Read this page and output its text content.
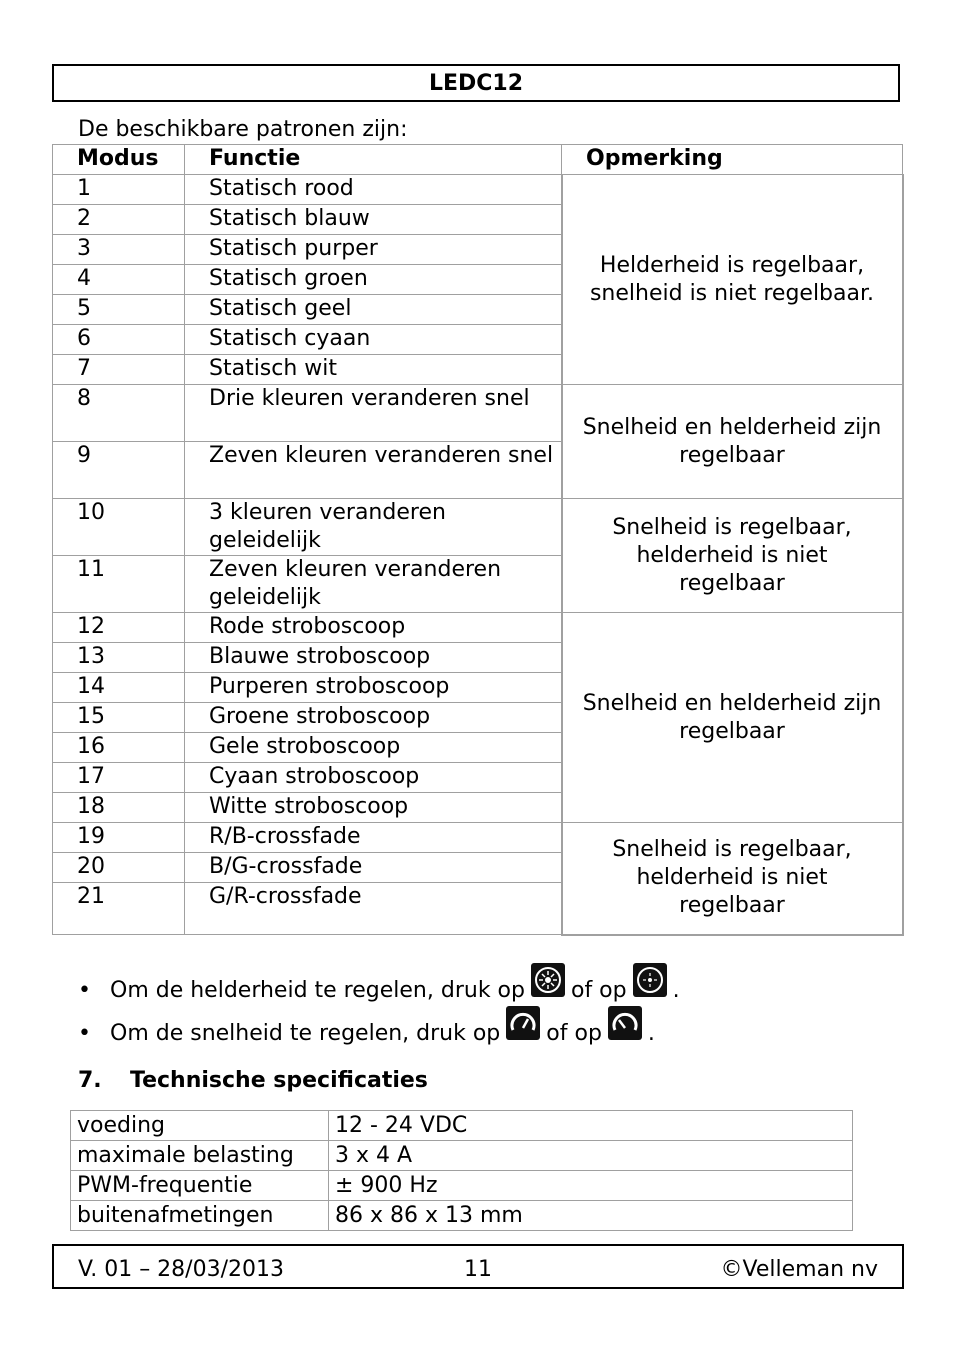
LEDC12
De beschikbare patronen zijn:
Modus	Functie	Opmerking
1	Statisch rood	Helderheid is regelbaar, snelheid is niet regelbaar.
2	Statisch blauw	
3	Statisch purper	
4	Statisch groen	
5	Statisch geel	
6	Statisch cyaan	
7	Statisch wit	
8	Drie kleuren veranderen snel	Snelheid en helderheid zijn regelbaar
9	Zeven kleuren veranderen snel	
10	3 kleuren veranderen geleidelijk	Snelheid is regelbaar, helderheid is niet regelbaar
11	Zeven kleuren veranderen geleidelijk	
12	Rode stroboscoop	Snelheid en helderheid zijn regelbaar
13	Blauwe stroboscoop	
14	Purperen stroboscoop	
15	Groene stroboscoop	
16	Gele stroboscoop	
17	Cyaan stroboscoop	
18	Witte stroboscoop	
19	R/B-crossfade	Snelheid is regelbaar, helderheid is niet regelbaar
20	B/G-crossfade	
21	G/R-crossfade	
• Om de helderheid te regelen, druk op of op .
• Om de snelheid te regelen, druk op of op .
7. Technische specificaties
voeding	12 - 24 VDC
maximale belasting	3 x 4 A
PWM-frequentie	± 900 Hz
buitenafmetingen	86 x 86 x 13 mm
V. 01 – 28/03/2013	11	©Velleman nv
